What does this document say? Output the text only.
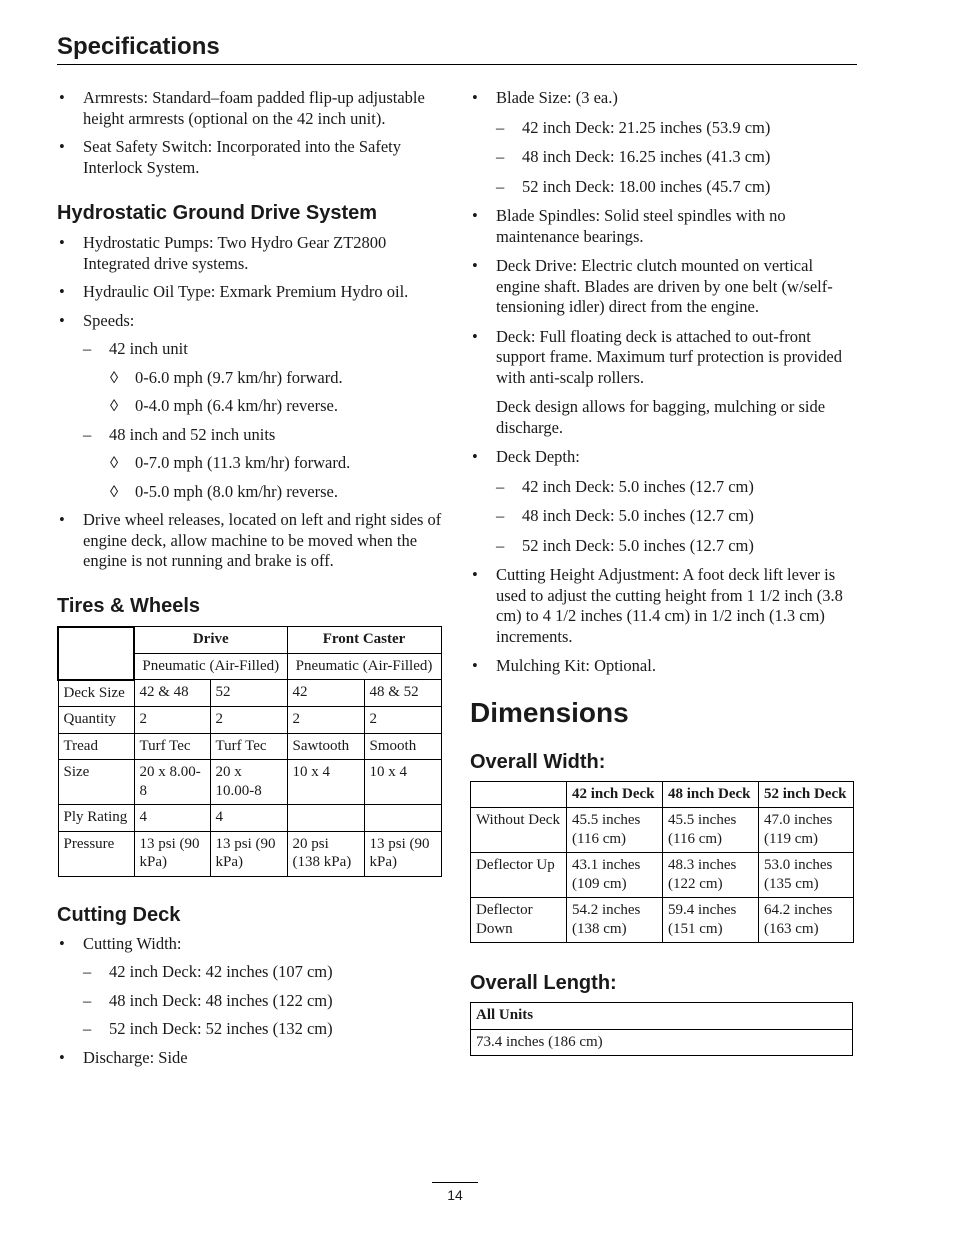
Specifications
• Armrests: Standard–foam padded flip-up adjustable height armrests (optional on the 42 inch unit).
• Seat Safety Switch: Incorporated into the Safety Interlock System.
Hydrostatic Ground Drive System
• Hydrostatic Pumps: Two Hydro Gear ZT2800 Integrated drive systems.
• Hydraulic Oil Type: Exmark Premium Hydro oil.
• Speeds:
– 42 inch unit
◊ 0-6.0 mph (9.7 km/hr) forward.
◊ 0-4.0 mph (6.4 km/hr) reverse.
– 48 inch and 52 inch units
◊ 0-7.0 mph (11.3 km/hr) forward.
◊ 0-5.0 mph (8.0 km/hr) reverse.
• Drive wheel releases, located on left and right sides of engine deck, allow machine to be moved when the engine is not running and brake is off.
Tires & Wheels
	Drive		Front Caster	
	Pneumatic (Air-Filled)		Pneumatic (Air-Filled)	
Deck Size	42 & 48	52	42	48 & 52
Quantity	2	2	2	2
Tread	Turf Tec	Turf Tec	Sawtooth	Smooth
Size	20 x 8.00-8	20 x 10.00-8	10 x 4	10 x 4
Ply Rating	4	4		
Pressure	13 psi (90 kPa)	13 psi (90 kPa)	20 psi (138 kPa)	13 psi (90 kPa)
Cutting Deck
• Cutting Width:
– 42 inch Deck: 42 inches (107 cm)
– 48 inch Deck: 48 inches (122 cm)
– 52 inch Deck: 52 inches (132 cm)
• Discharge: Side
• Blade Size: (3 ea.)
– 42 inch Deck: 21.25 inches (53.9 cm)
– 48 inch Deck: 16.25 inches (41.3 cm)
– 52 inch Deck: 18.00 inches (45.7 cm)
• Blade Spindles: Solid steel spindles with no maintenance bearings.
• Deck Drive: Electric clutch mounted on vertical engine shaft. Blades are driven by one belt (w/self-tensioning idler) direct from the engine.
• Deck: Full floating deck is attached to out-front support frame. Maximum turf protection is provided with anti-scalp rollers.
Deck design allows for bagging, mulching or side discharge.
• Deck Depth:
– 42 inch Deck: 5.0 inches (12.7 cm)
– 48 inch Deck: 5.0 inches (12.7 cm)
– 52 inch Deck: 5.0 inches (12.7 cm)
• Cutting Height Adjustment: A foot deck lift lever is used to adjust the cutting height from 1 1/2 inch (3.8 cm) to 4 1/2 inches (11.4 cm) in 1/2 inch (1.3 cm) increments.
• Mulching Kit: Optional.
Dimensions
Overall Width:
	42 inch Deck	48 inch Deck	52 inch Deck
Without Deck	45.5 inches (116 cm)	45.5 inches (116 cm)	47.0 inches (119 cm)
Deflector Up	43.1 inches (109 cm)	48.3 inches (122 cm)	53.0 inches (135 cm)
Deflector Down	54.2 inches (138 cm)	59.4 inches (151 cm)	64.2 inches (163 cm)
Overall Length:
All Units
73.4 inches (186 cm)
14
